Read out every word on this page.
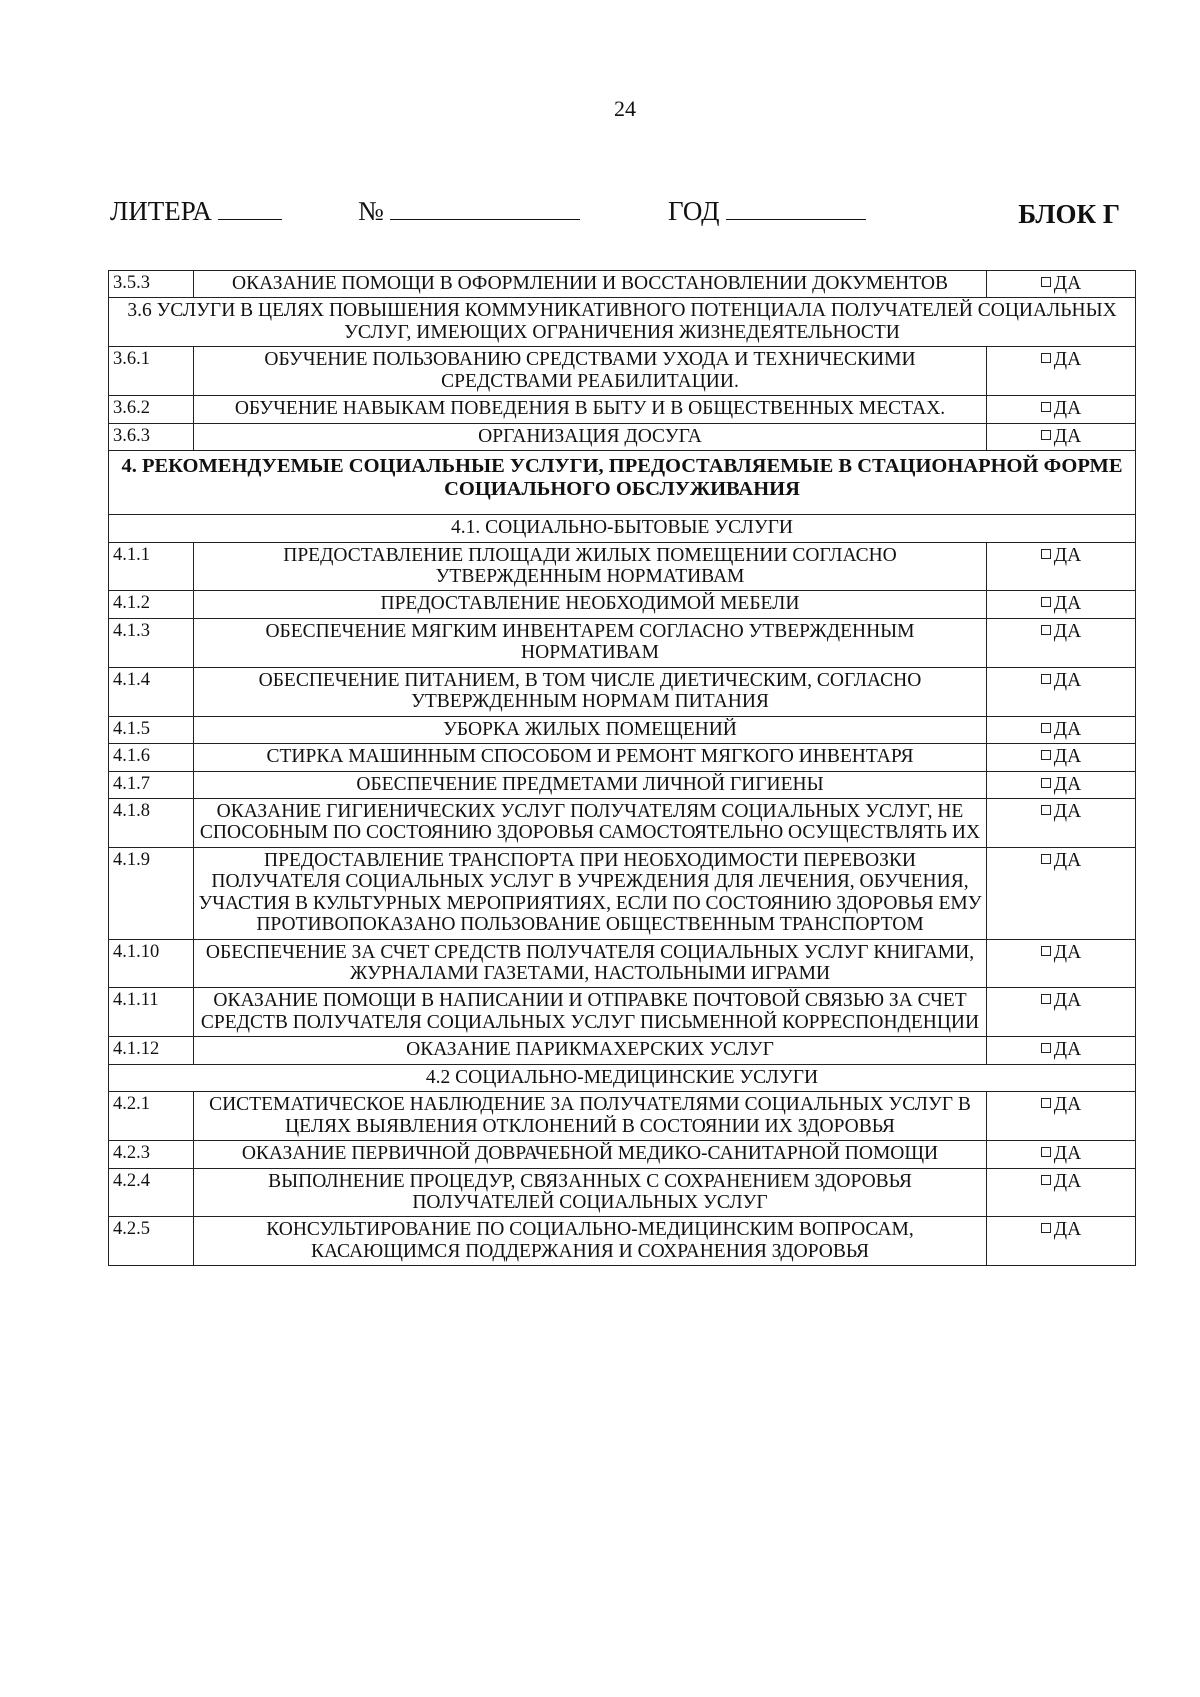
24
ЛИТЕРА	№	ГОД	БЛОК Г
3.5.3	ОКАЗАНИЕ ПОМОЩИ В ОФОРМЛЕНИИ И ВОССТАНОВЛЕНИИ ДОКУМЕНТОВ	ДА
3.6 УСЛУГИ В ЦЕЛЯХ ПОВЫШЕНИЯ КОММУНИКАТИВНОГО ПОТЕНЦИАЛА ПОЛУЧАТЕЛЕЙ СОЦИАЛЬНЫХ УСЛУГ, ИМЕЮЩИХ ОГРАНИЧЕНИЯ ЖИЗНЕДЕЯТЕЛЬНОСТИ		
3.6.1	ОБУЧЕНИЕ ПОЛЬЗОВАНИЮ СРЕДСТВАМИ УХОДА И ТЕХНИЧЕСКИМИ СРЕДСТВАМИ РЕАБИЛИТАЦИИ.	ДА
3.6.2	ОБУЧЕНИЕ НАВЫКАМ ПОВЕДЕНИЯ В БЫТУ И В ОБЩЕСТВЕННЫХ МЕСТАХ.	ДА
3.6.3	ОРГАНИЗАЦИЯ ДОСУГА	ДА
4. РЕКОМЕНДУЕМЫЕ СОЦИАЛЬНЫЕ УСЛУГИ, ПРЕДОСТАВЛЯЕМЫЕ В СТАЦИОНАРНОЙ ФОРМЕ СОЦИАЛЬНОГО ОБСЛУЖИВАНИЯ		
4.1. СОЦИАЛЬНО-БЫТОВЫЕ УСЛУГИ		
4.1.1	ПРЕДОСТАВЛЕНИЕ ПЛОЩАДИ ЖИЛЫХ ПОМЕЩЕНИИ СОГЛАСНО УТВЕРЖДЕННЫМ НОРМАТИВАМ	ДА
4.1.2	ПРЕДОСТАВЛЕНИЕ НЕОБХОДИМОЙ МЕБЕЛИ	ДА
4.1.3	ОБЕСПЕЧЕНИЕ МЯГКИМ ИНВЕНТАРЕМ СОГЛАСНО УТВЕРЖДЕННЫМ НОРМАТИВАМ	ДА
4.1.4	ОБЕСПЕЧЕНИЕ ПИТАНИЕМ, В ТОМ ЧИСЛЕ ДИЕТИЧЕСКИМ, СОГЛАСНО УТВЕРЖДЕННЫМ НОРМАМ ПИТАНИЯ	ДА
4.1.5	УБОРКА ЖИЛЫХ ПОМЕЩЕНИЙ	ДА
4.1.6	СТИРКА МАШИННЫМ СПОСОБОМ И РЕМОНТ МЯГКОГО ИНВЕНТАРЯ	ДА
4.1.7	ОБЕСПЕЧЕНИЕ ПРЕДМЕТАМИ ЛИЧНОЙ ГИГИЕНЫ	ДА
4.1.8	ОКАЗАНИЕ ГИГИЕНИЧЕСКИХ УСЛУГ ПОЛУЧАТЕЛЯМ СОЦИАЛЬНЫХ УСЛУГ, НЕ СПОСОБНЫМ ПО СОСТОЯНИЮ ЗДОРОВЬЯ САМОСТОЯТЕЛЬНО ОСУЩЕСТВЛЯТЬ ИХ	ДА
4.1.9	ПРЕДОСТАВЛЕНИЕ ТРАНСПОРТА ПРИ НЕОБХОДИМОСТИ ПЕРЕВОЗКИ ПОЛУЧАТЕЛЯ СОЦИАЛЬНЫХ УСЛУГ В УЧРЕЖДЕНИЯ ДЛЯ ЛЕЧЕНИЯ, ОБУЧЕНИЯ, УЧАСТИЯ В КУЛЬТУРНЫХ МЕРОПРИЯТИЯХ, ЕСЛИ ПО СОСТОЯНИЮ ЗДОРОВЬЯ ЕМУ ПРОТИВОПОКАЗАНО ПОЛЬЗОВАНИЕ ОБЩЕСТВЕННЫМ ТРАНСПОРТОМ	ДА
4.1.10	ОБЕСПЕЧЕНИЕ ЗА СЧЕТ СРЕДСТВ ПОЛУЧАТЕЛЯ СОЦИАЛЬНЫХ УСЛУГ КНИГАМИ, ЖУРНАЛАМИ ГАЗЕТАМИ, НАСТОЛЬНЫМИ ИГРАМИ	ДА
4.1.11	ОКАЗАНИЕ ПОМОЩИ В НАПИСАНИИ И ОТПРАВКЕ ПОЧТОВОЙ СВЯЗЬЮ ЗА СЧЕТ СРЕДСТВ ПОЛУЧАТЕЛЯ СОЦИАЛЬНЫХ УСЛУГ ПИСЬМЕННОЙ КОРРЕСПОНДЕНЦИИ	ДА
4.1.12	ОКАЗАНИЕ ПАРИКМАХЕРСКИХ УСЛУГ	ДА
4.2 СОЦИАЛЬНО-МЕДИЦИНСКИЕ УСЛУГИ		
4.2.1	СИСТЕМАТИЧЕСКОЕ НАБЛЮДЕНИЕ ЗА ПОЛУЧАТЕЛЯМИ СОЦИАЛЬНЫХ УСЛУГ В ЦЕЛЯХ ВЫЯВЛЕНИЯ ОТКЛОНЕНИЙ В СОСТОЯНИИ ИХ ЗДОРОВЬЯ	ДА
4.2.3	ОКАЗАНИЕ ПЕРВИЧНОЙ ДОВРАЧЕБНОЙ МЕДИКО-САНИТАРНОЙ ПОМОЩИ	ДА
4.2.4	ВЫПОЛНЕНИЕ ПРОЦЕДУР, СВЯЗАННЫХ С СОХРАНЕНИЕМ ЗДОРОВЬЯ ПОЛУЧАТЕЛЕЙ СОЦИАЛЬНЫХ УСЛУГ	ДА
4.2.5	КОНСУЛЬТИРОВАНИЕ ПО СОЦИАЛЬНО-МЕДИЦИНСКИМ ВОПРОСАМ, КАСАЮЩИМСЯ ПОДДЕРЖАНИЯ И СОХРАНЕНИЯ ЗДОРОВЬЯ	ДА
